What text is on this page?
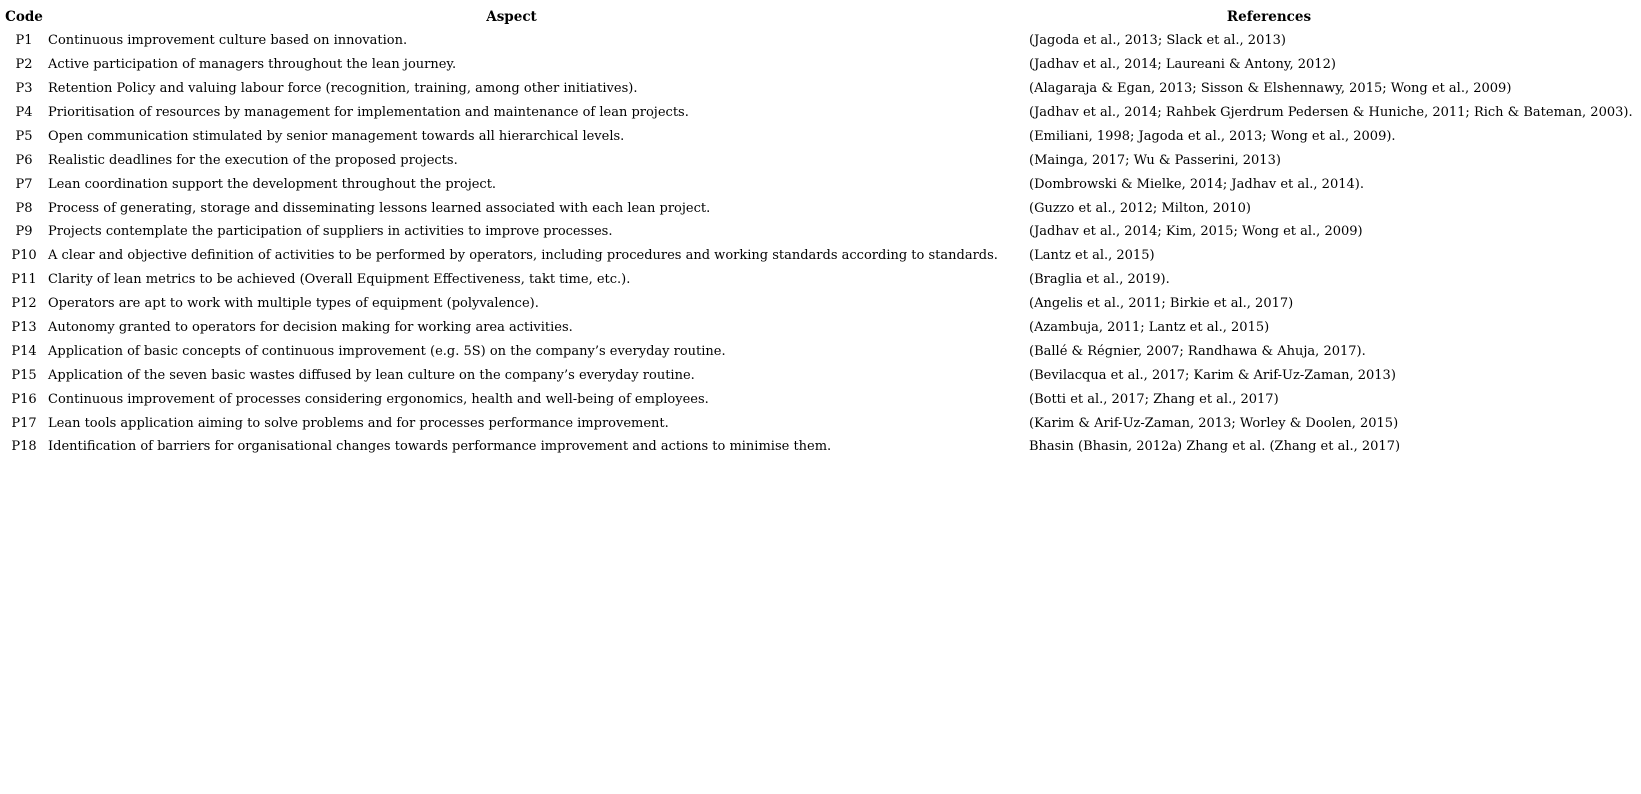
Code	Aspect	References
P1	Continuous improvement culture based on innovation.	(Jagoda et al., 2013; Slack et al., 2013)
P2	Active participation of managers throughout the lean journey.	(Jadhav et al., 2014; Laureani & Antony, 2012)
P3	Retention Policy and valuing labour force (recognition, training, among other initiatives).	(Alagaraja & Egan, 2013; Sisson & Elshennawy, 2015; Wong et al., 2009)
P4	Prioritisation of resources by management for implementation and maintenance of lean projects.	(Jadhav et al., 2014; Rahbek Gjerdrum Pedersen & Huniche, 2011; Rich & Bateman, 2003).
P5	Open communication stimulated by senior management towards all hierarchical levels.	(Emiliani, 1998; Jagoda et al., 2013; Wong et al., 2009).
P6	Realistic deadlines for the execution of the proposed projects.	(Mainga, 2017; Wu & Passerini, 2013)
P7	Lean coordination support the development throughout the project.	(Dombrowski & Mielke, 2014; Jadhav et al., 2014).
P8	Process of generating, storage and disseminating lessons learned associated with each lean project.	(Guzzo et al., 2012; Milton, 2010)
P9	Projects contemplate the participation of suppliers in activities to improve processes.	(Jadhav et al., 2014; Kim, 2015; Wong et al., 2009)
P10	A clear and objective definition of activities to be performed by operators, including procedures and working standards according to standards.	(Lantz et al., 2015)
P11	Clarity of lean metrics to be achieved (Overall Equipment Effectiveness, takt time, etc.).	(Braglia et al., 2019).
P12	Operators are apt to work with multiple types of equipment (polyvalence).	(Angelis et al., 2011; Birkie et al., 2017)
P13	Autonomy granted to operators for decision making for working area activities.	(Azambuja, 2011; Lantz et al., 2015)
P14	Application of basic concepts of continuous improvement (e.g. 5S) on the company’s everyday routine.	(Ballé & Régnier, 2007; Randhawa & Ahuja, 2017).
P15	Application of the seven basic wastes diffused by lean culture on the company’s everyday routine.	(Bevilacqua et al., 2017; Karim & Arif-Uz-Zaman, 2013)
P16	Continuous improvement of processes considering ergonomics, health and well-being of employees.	(Botti et al., 2017; Zhang et al., 2017)
P17	Lean tools application aiming to solve problems and for processes performance improvement.	(Karim & Arif-Uz-Zaman, 2013; Worley & Doolen, 2015)
P18	Identification of barriers for organisational changes towards performance improvement and actions to minimise them.	Bhasin (Bhasin, 2012a) Zhang et al. (Zhang et al., 2017)
